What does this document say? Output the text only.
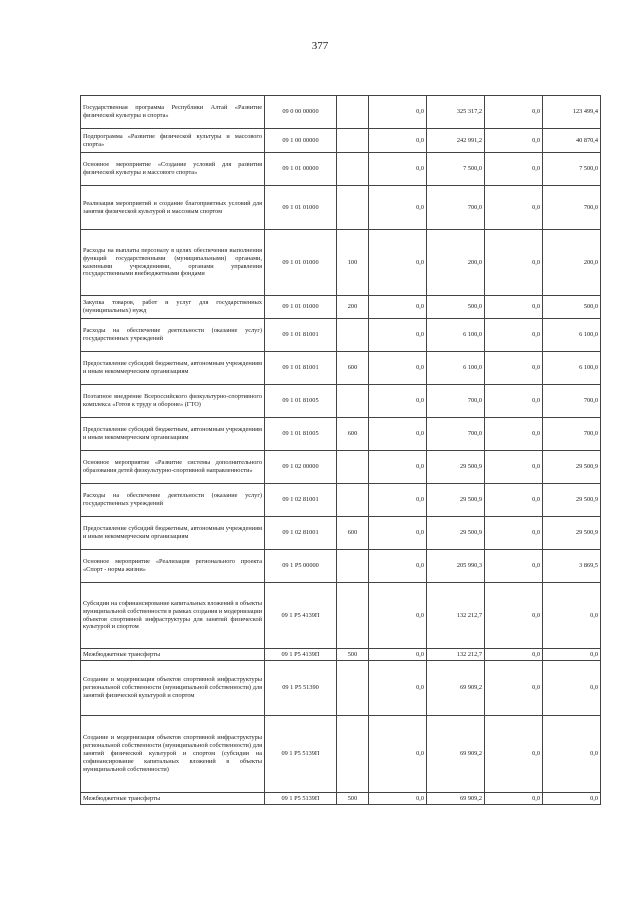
377
Государственная программа Республики Алтай «Развитие физической культуры и спорта»	09 0 00 00000		0,0	325 317,2	0,0	123 499,4
Подпрограмма «Развитие физической культуры и массового спорта»	09 1 00 00000		0,0	242 991,2	0,0	40 870,4
Основное мероприятие «Создание условий для развития физической культуры и массового спорта»	09 1 01 00000		0,0	7 500,0	0,0	7 500,0
Реализация мероприятий и создание благоприятных условий для занятия физической культурой и массовым спортом	09 1 01 01000		0,0	700,0	0,0	700,0
Расходы на выплаты персоналу в целях обеспечения выполнения функций государственными (муниципальными) органами, казенными учреждениями, органами управления государственными внебюджетными фондами	09 1 01 01000	100	0,0	200,0	0,0	200,0
Закупка товаров, работ и услуг для государственных (муниципальных) нужд	09 1 01 01000	200	0,0	500,0	0,0	500,0
Расходы на обеспечение деятельности (оказание услуг) государственных учреждений	09 1 01 81001		0,0	6 100,0	0,0	6 100,0
Предоставление субсидий бюджетным, автономным учреждениям и иным некоммерческим организациям	09 1 01 81001	600	0,0	6 100,0	0,0	6 100,0
Поэтапное внедрение Всероссийского физкультурно-спортивного комплекса «Готов к труду и обороне» (ГТО)	09 1 01 81005		0,0	700,0	0,0	700,0
Предоставление субсидий бюджетным, автономным учреждениям и иным некоммерческим организациям	09 1 01 81005	600	0,0	700,0	0,0	700,0
Основное мероприятие «Развитие системы дополнительного образования детей физкультурно-спортивной направленности»	09 1 02 00000		0,0	29 500,9	0,0	29 500,9
Расходы на обеспечение деятельности (оказание услуг) государственных учреждений	09 1 02 81001		0,0	29 500,9	0,0	29 500,9
Предоставление субсидий бюджетным, автономным учреждениям и иным некоммерческим организациям	09 1 02 81001	600	0,0	29 500,9	0,0	29 500,9
Основное мероприятие «Реализация регионального проекта «Спорт - норма жизни»	09 1 P5 00000		0,0	205 990,3	0,0	3 869,5
Субсидии на софинансирование капитальных вложений в объекты муниципальной собственности в рамках создания и модернизации объектов спортивной инфраструктуры для занятий физической культурой и спортом	09 1 P5 4139П		0,0	132 212,7	0,0	0,0
Межбюджетные трансферты	09 1 P5 4139П	500	0,0	132 212,7	0,0	0,0
Создание и модернизация объектов спортивной инфраструктуры региональной собственности (муниципальной собственности) для занятий физической культурой и спортом	09 1 P5 51390		0,0	69 909,2	0,0	0,0
Создание и модернизация объектов спортивной инфраструктуры региональной собственности (муниципальной собственности) для занятий физической культурой и спортом (субсидии на софинансирование капитальных вложений в объекты муниципальной собственности)	09 1 P5 5139П		0,0	69 909,2	0,0	0,0
Межбюджетные трансферты	09 1 P5 5139П	500	0,0	69 909,2	0,0	0,0
